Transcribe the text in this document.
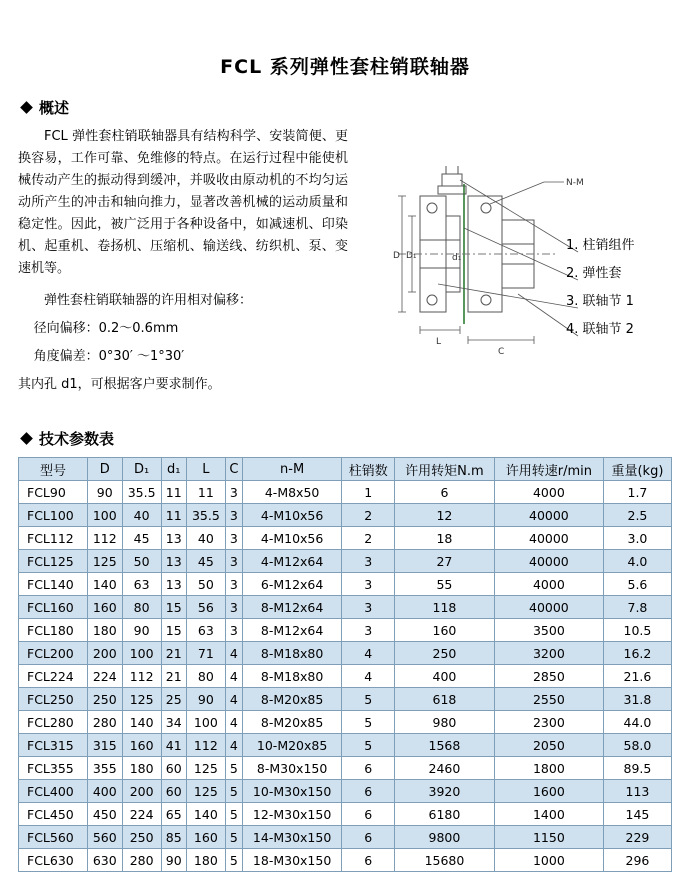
FCL 系列弹性套柱销联轴器
概述

FCL 弹性套柱销联轴器具有结构科学、安装简便、更换容易，工作可靠、免维修的特点。在运行过程中能使机械传动产生的振动得到缓冲，并吸收由原动机的不均匀运动所产生的冲击和轴向推力，显著改善机械的运动质量和稳定性。因此，被广泛用于各种设备中，如减速机、印染机、起重机、卷扬机、压缩机、输送线、纺织机、泵、变速机等。

弹性套柱销联轴器的许用相对偏移：

径向偏移：0.2～0.6mm

角度偏差：0°30′ ～1°30′

其内孔 d1，可根据客户要求制作。

D D₁	d₁
L
C
N-M
1. 柱销组件
2. 弹性套
3. 联轴节 1
4. 联轴节 2
技术参数表
型号	D	D₁	d₁	L	C	n-M	柱销数	许用转矩N.m	许用转速r/min	重量(kg)
FCL90	90	35.5	11	11	3	4-M8x50	1	6	4000	1.7
FCL100	100	40	11	35.5	3	4-M10x56	2	12	40000	2.5
FCL112	112	45	13	40	3	4-M10x56	2	18	40000	3.0
FCL125	125	50	13	45	3	4-M12x64	3	27	40000	4.0
FCL140	140	63	13	50	3	6-M12x64	3	55	4000	5.6
FCL160	160	80	15	56	3	8-M12x64	3	118	40000	7.8
FCL180	180	90	15	63	3	8-M12x64	3	160	3500	10.5
FCL200	200	100	21	71	4	8-M18x80	4	250	3200	16.2
FCL224	224	112	21	80	4	8-M18x80	4	400	2850	21.6
FCL250	250	125	25	90	4	8-M20x85	5	618	2550	31.8
FCL280	280	140	34	100	4	8-M20x85	5	980	2300	44.0
FCL315	315	160	41	112	4	10-M20x85	5	1568	2050	58.0
FCL355	355	180	60	125	5	8-M30x150	6	2460	1800	89.5
FCL400	400	200	60	125	5	10-M30x150	6	3920	1600	113
FCL450	450	224	65	140	5	12-M30x150	6	6180	1400	145
FCL560	560	250	85	160	5	14-M30x150	6	9800	1150	229
FCL630	630	280	90	180	5	18-M30x150	6	15680	1000	296
